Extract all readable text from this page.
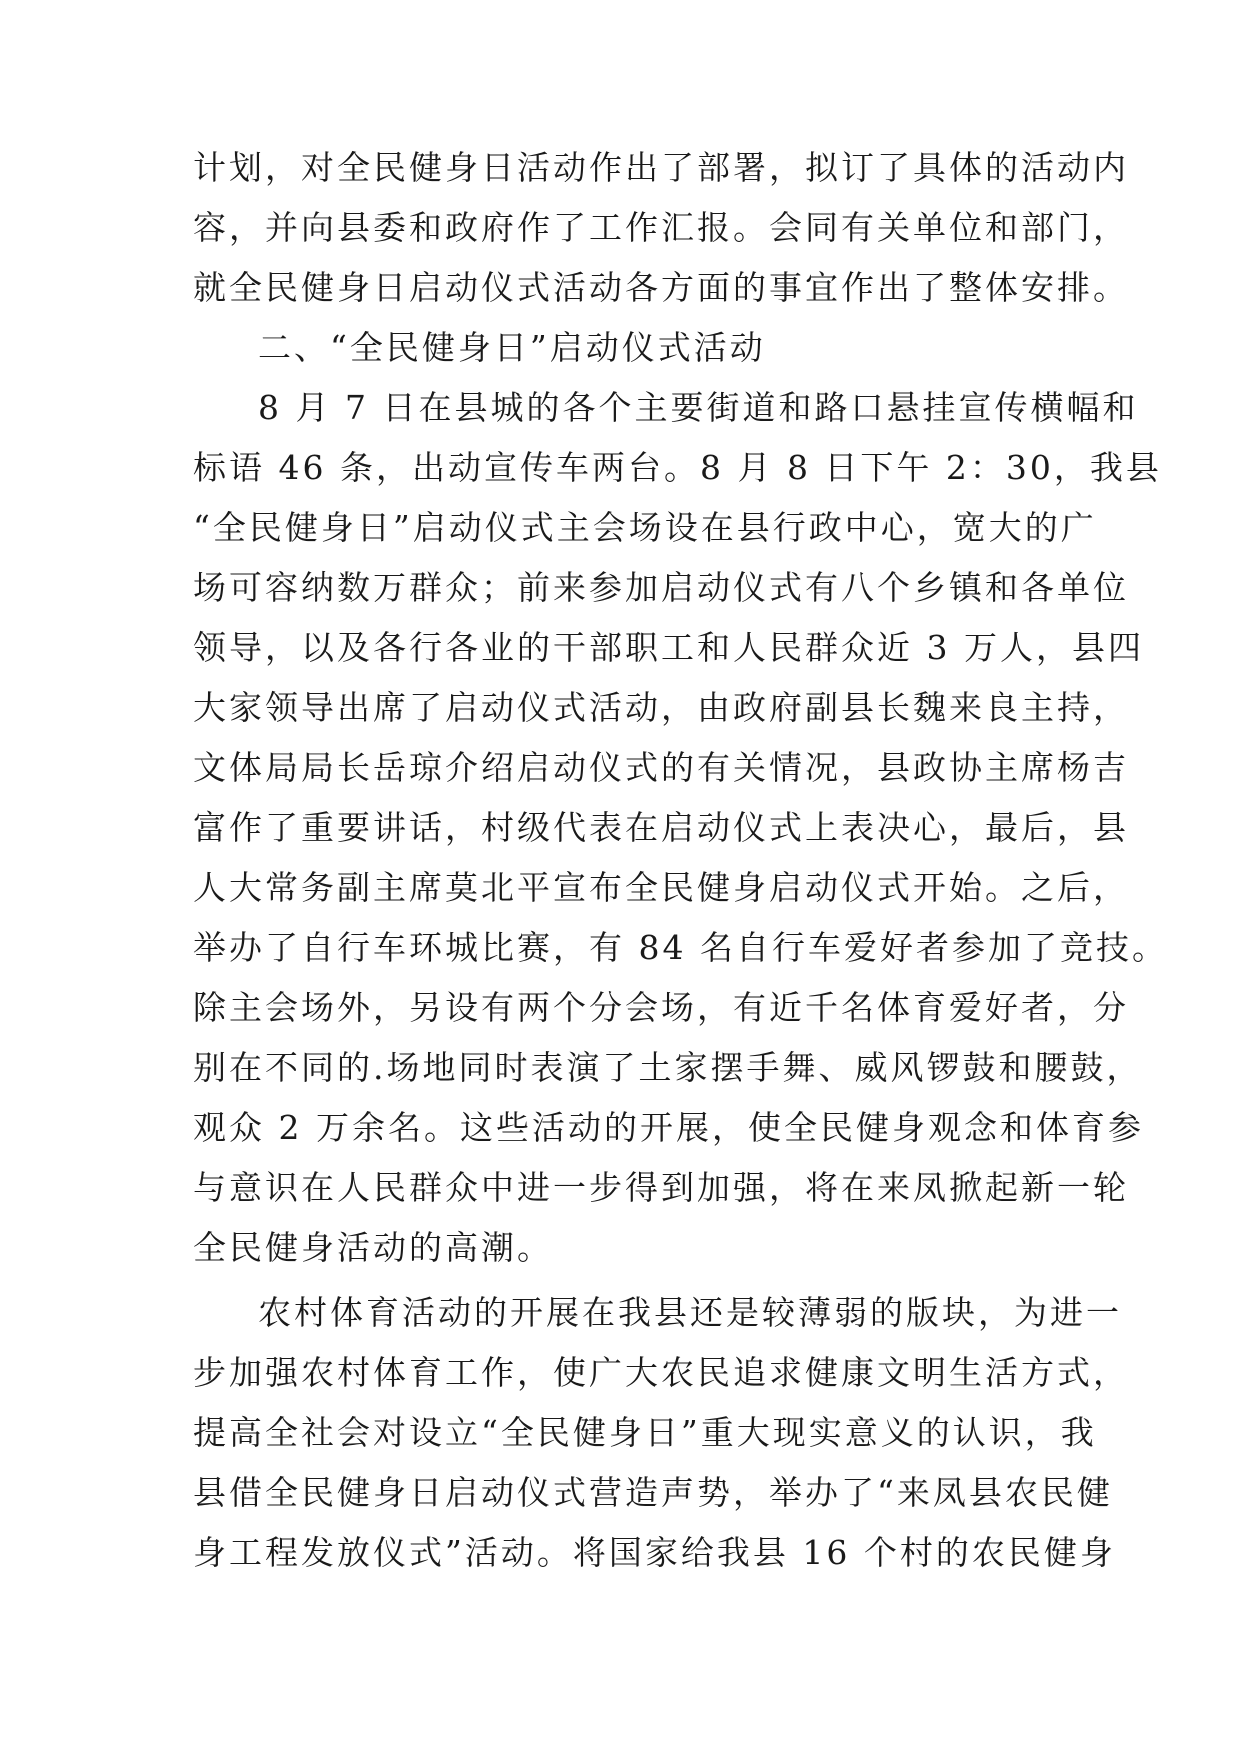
计划，对全民健身日活动作出了部署，拟订了具体的活动内
容，并向县委和政府作了工作汇报。会同有关单位和部门，
就全民健身日启动仪式活动各方面的事宜作出了整体安排。
二、“全民健身日”启动仪式活动
8 月 7 日在县城的各个主要街道和路口悬挂宣传横幅和
标语 46 条，出动宣传车两台。8 月 8 日下午 2：30，我县
“全民健身日”启动仪式主会场设在县行政中心，宽大的广
场可容纳数万群众；前来参加启动仪式有八个乡镇和各单位
领导，以及各行各业的干部职工和人民群众近 3 万人，县四
大家领导出席了启动仪式活动，由政府副县长魏来良主持，
文体局局长岳琼介绍启动仪式的有关情况，县政协主席杨吉
富作了重要讲话，村级代表在启动仪式上表决心，最后，县
人大常务副主席莫北平宣布全民健身启动仪式开始。之后，
举办了自行车环城比赛，有 84 名自行车爱好者参加了竞技。
除主会场外，另设有两个分会场，有近千名体育爱好者，分
别在不同的.场地同时表演了土家摆手舞、威风锣鼓和腰鼓，
观众 2 万余名。这些活动的开展，使全民健身观念和体育参
与意识在人民群众中进一步得到加强，将在来凤掀起新一轮
全民健身活动的高潮。
农村体育活动的开展在我县还是较薄弱的版块，为进一
步加强农村体育工作，使广大农民追求健康文明生活方式，
提高全社会对设立“全民健身日”重大现实意义的认识，我
县借全民健身日启动仪式营造声势，举办了“来凤县农民健
身工程发放仪式”活动。将国家给我县 16 个村的农民健身
